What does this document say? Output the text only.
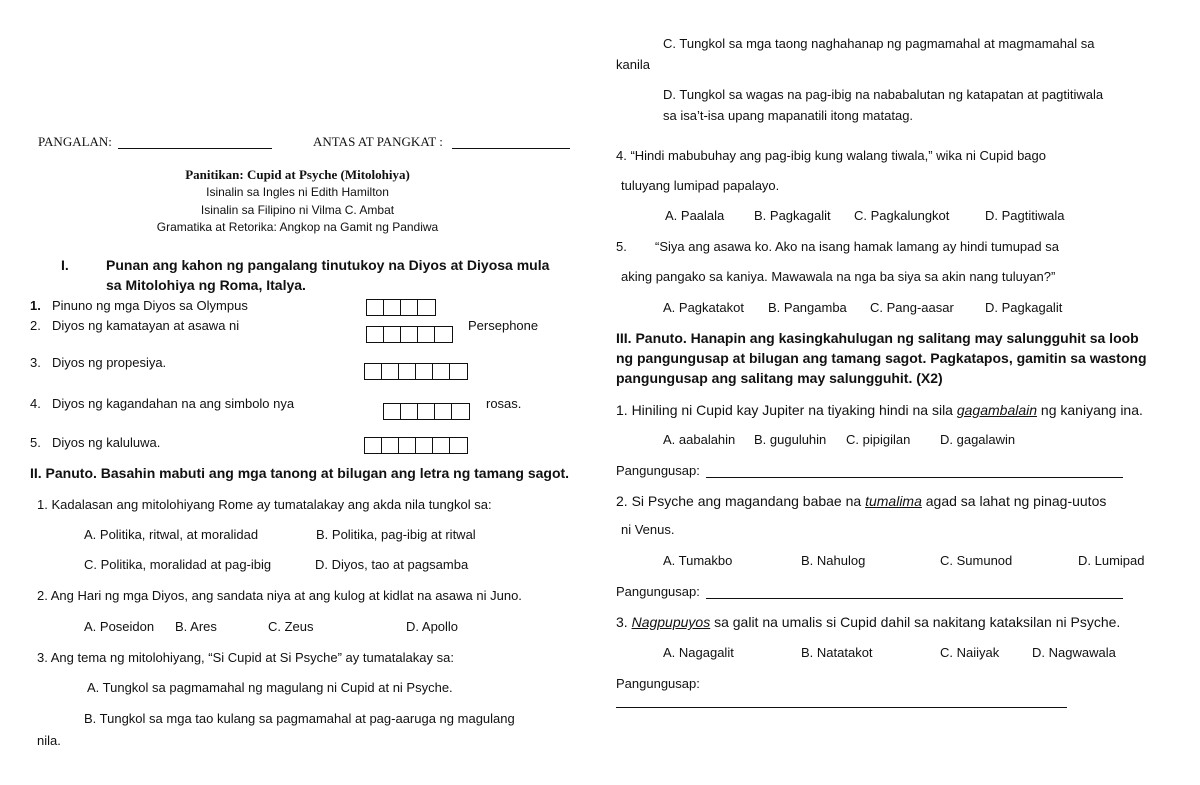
PANGALAN:	ANTAS AT PANGKAT :
Panitikan: Cupid at Psyche (Mitolohiya)
Isinalin sa Ingles ni Edith Hamilton
Isinalin sa Filipino ni Vilma C. Ambat
Gramatika at Retorika: Angkop na Gamit ng Pandiwa
I.	Punan ang kahon ng pangalang tinutukoy na Diyos at Diyosa mula
sa Mitolohiya ng Roma, Italya.
1. Pinuno ng mga Diyos sa Olympus
2. Diyos ng kamatayan at asawa ni	Persephone
3. Diyos ng propesiya.
4. Diyos ng kagandahan na ang simbolo nya	rosas.
5. Diyos ng kaluluwa.
II. Panuto. Basahin mabuti ang mga tanong at bilugan ang letra ng tamang sagot.
1. Kadalasan ang mitolohiyang Rome ay tumatalakay ang akda nila tungkol sa:
A. Politika, ritwal, at moralidad	B. Politika, pag-ibig at ritwal
C. Politika, moralidad at pag-ibig	D. Diyos, tao at pagsamba
2. Ang Hari ng mga Diyos, ang sandata niya at ang kulog at kidlat na asawa ni Juno.
A. Poseidon B. Ares	C. Zeus	D. Apollo
3. Ang tema ng mitolohiyang, “Si Cupid at Si Psyche” ay tumatalakay sa:
A. Tungkol sa pagmamahal ng magulang ni Cupid at ni Psyche.
B. Tungkol sa mga tao kulang sa pagmamahal at pag-aaruga ng magulang
nila.
C. Tungkol sa mga taong naghahanap ng pagmamahal at magmamahal sa
kanila
D. Tungkol sa wagas na pag-ibig na nababalutan ng katapatan at pagtitiwala
sa isa’t-isa upang mapanatili itong matatag.
4. “Hindi mabubuhay ang pag-ibig kung walang tiwala,” wika ni Cupid bago
tuluyang lumipad papalayo.
A. Paalala B. Pagkagalit C. Pagkalungkot	D. Pagtitiwala
5. “Siya ang asawa ko. Ako na isang hamak lamang ay hindi tumupad sa
aking pangako sa kaniya. Mawawala na nga ba siya sa akin nang tuluyan?”
A. Pagkatakot B. Pangamba C. Pang-aasar D. Pagkagalit
III. Panuto. Hanapin ang kasingkahulugan ng salitang may salungguhit sa loob
ng pangungusap at bilugan ang tamang sagot. Pagkatapos, gamitin sa wastong
pangungusap ang salitang may salungguhit. (X2)
1. Hiniling ni Cupid kay Jupiter na tiyaking hindi na sila gagambalain ng kaniyang ina.
A. aabalahin B. guguluhin C. pipigilan D. gagalawin
Pangungusap:
2. Si Psyche ang magandang babae na tumalima agad sa lahat ng pinag-uutos
ni Venus.
A. Tumakbo	B. Nahulog	C. Sumunod	D. Lumipad
Pangungusap:
3. Nagpupuyos sa galit na umalis si Cupid dahil sa nakitang kataksilan ni Psyche.
A. Nagagalit	B. Natatakot	C. Naiiyak	D. Nagwawala
Pangungusap:
